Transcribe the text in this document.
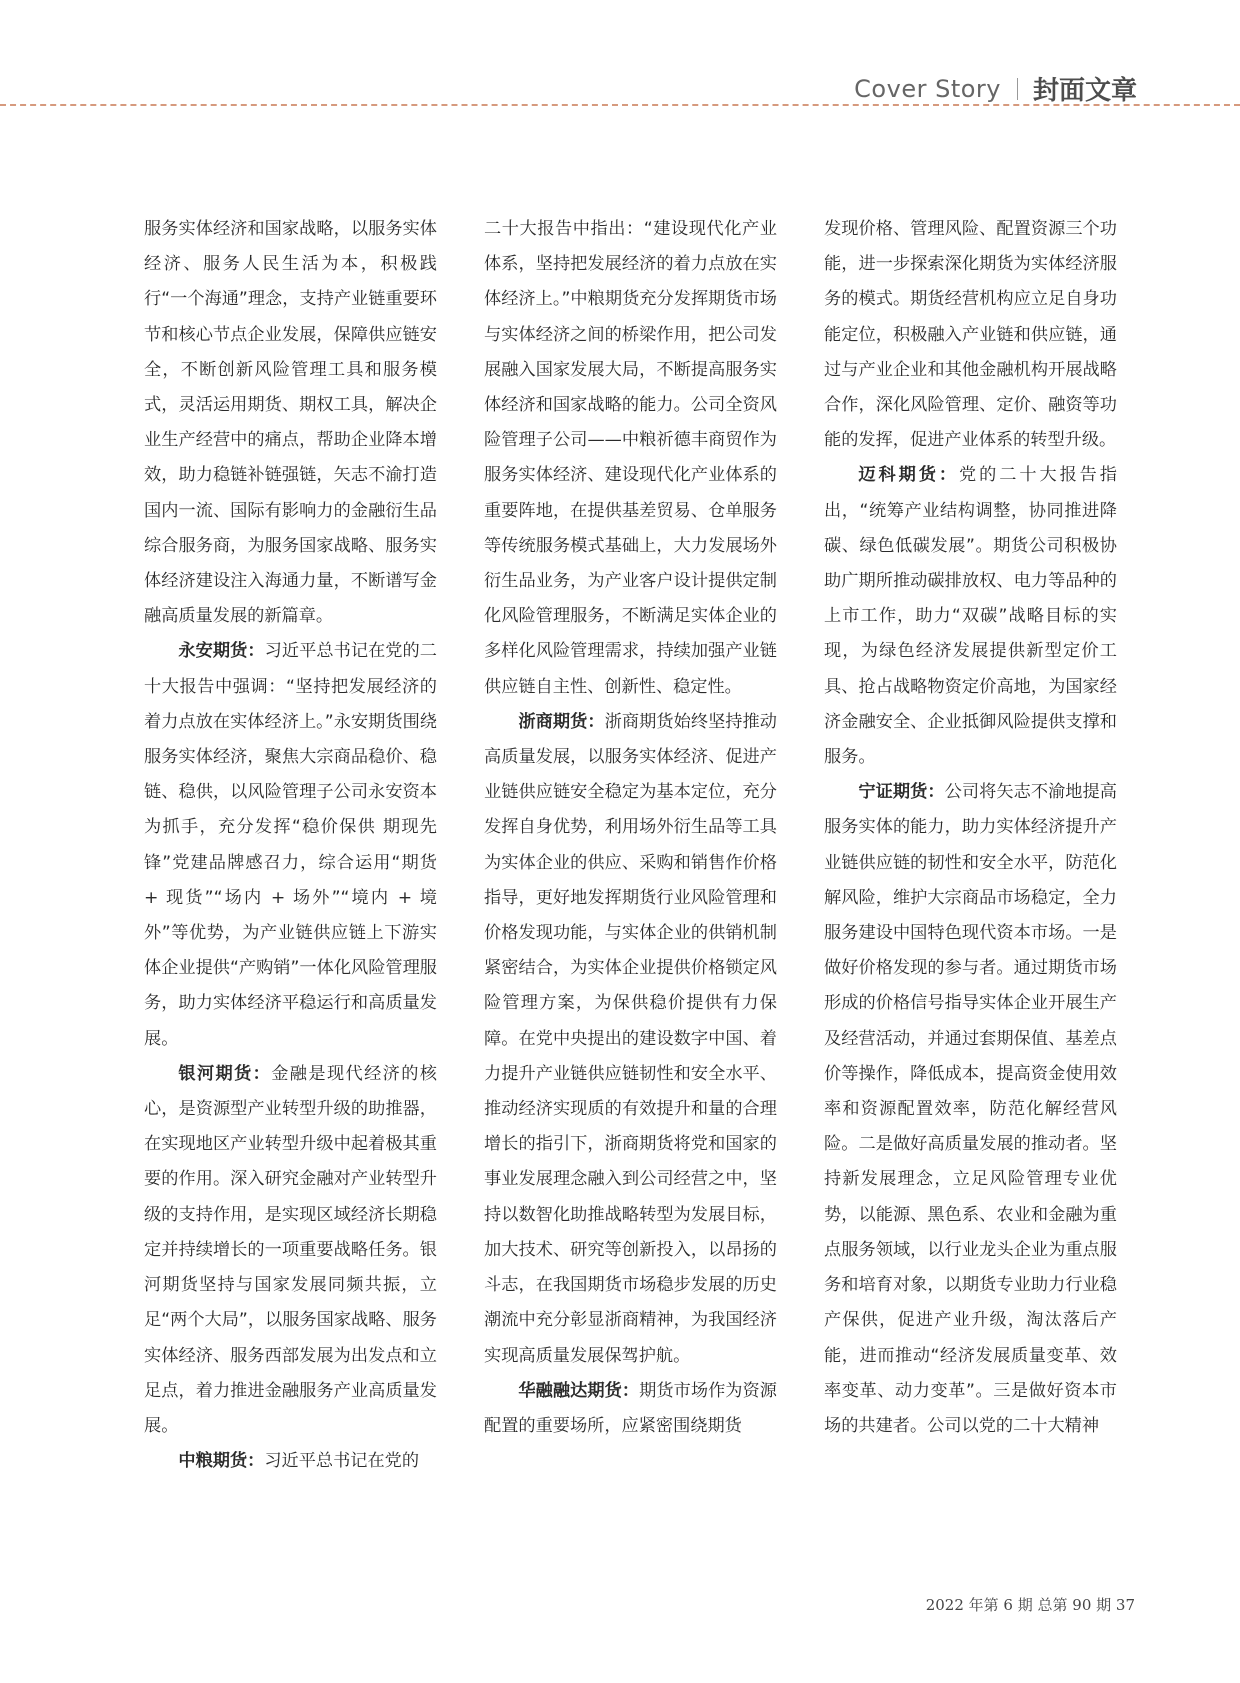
Cover Story 封面文章

服务实体经济和国家战略，以服务实体经济、服务人民生活为本，积极践行“一个海通”理念，支持产业链重要环节和核心节点企业发展，保障供应链安全，不断创新风险管理工具和服务模式，灵活运用期货、期权工具，解决企业生产经营中的痛点，帮助企业降本增效，助力稳链补链强链，矢志不渝打造国内一流、国际有影响力的金融衍生品综合服务商，为服务国家战略、服务实体经济建设注入海通力量，不断谱写金融高质量发展的新篇章。

永安期货：习近平总书记在党的二十大报告中强调：“坚持把发展经济的着力点放在实体经济上。”永安期货围绕服务实体经济，聚焦大宗商品稳价、稳链、稳供，以风险管理子公司永安资本为抓手，充分发挥“稳价保供 期现先锋”党建品牌感召力，综合运用“期货 + 现货”“场内 + 场外”“境内 + 境外”等优势，为产业链供应链上下游实体企业提供“产购销”一体化风险管理服务，助力实体经济平稳运行和高质量发展。

银河期货：金融是现代经济的核心，是资源型产业转型升级的助推器，在实现地区产业转型升级中起着极其重要的作用。深入研究金融对产业转型升级的支持作用，是实现区域经济长期稳定并持续增长的一项重要战略任务。银河期货坚持与国家发展同频共振，立足“两个大局”，以服务国家战略、服务实体经济、服务西部发展为出发点和立足点，着力推进金融服务产业高质量发展。

中粮期货：习近平总书记在党的

二十大报告中指出：“建设现代化产业体系，坚持把发展经济的着力点放在实体经济上。”中粮期货充分发挥期货市场与实体经济之间的桥梁作用，把公司发展融入国家发展大局，不断提高服务实体经济和国家战略的能力。公司全资风险管理子公司——中粮祈德丰商贸作为服务实体经济、建设现代化产业体系的重要阵地，在提供基差贸易、仓单服务等传统服务模式基础上，大力发展场外衍生品业务，为产业客户设计提供定制化风险管理服务，不断满足实体企业的多样化风险管理需求，持续加强产业链供应链自主性、创新性、稳定性。

浙商期货：浙商期货始终坚持推动高质量发展，以服务实体经济、促进产业链供应链安全稳定为基本定位，充分发挥自身优势，利用场外衍生品等工具为实体企业的供应、采购和销售作价格指导，更好地发挥期货行业风险管理和价格发现功能，与实体企业的供销机制紧密结合，为实体企业提供价格锁定风险管理方案，为保供稳价提供有力保障。在党中央提出的建设数字中国、着力提升产业链供应链韧性和安全水平、推动经济实现质的有效提升和量的合理增长的指引下，浙商期货将党和国家的事业发展理念融入到公司经营之中，坚持以数智化助推战略转型为发展目标，加大技术、研究等创新投入，以昂扬的斗志，在我国期货市场稳步发展的历史潮流中充分彰显浙商精神，为我国经济实现高质量发展保驾护航。

华融融达期货：期货市场作为资源配置的重要场所，应紧密围绕期货

发现价格、管理风险、配置资源三个功能，进一步探索深化期货为实体经济服务的模式。期货经营机构应立足自身功能定位，积极融入产业链和供应链，通过与产业企业和其他金融机构开展战略合作，深化风险管理、定价、融资等功能的发挥，促进产业体系的转型升级。

迈科期货：党的二十大报告指出，“统筹产业结构调整，协同推进降碳、绿色低碳发展”。期货公司积极协助广期所推动碳排放权、电力等品种的上市工作，助力“双碳”战略目标的实现，为绿色经济发展提供新型定价工具、抢占战略物资定价高地，为国家经济金融安全、企业抵御风险提供支撑和服务。

宁证期货：公司将矢志不渝地提高服务实体的能力，助力实体经济提升产业链供应链的韧性和安全水平，防范化解风险，维护大宗商品市场稳定，全力服务建设中国特色现代资本市场。一是做好价格发现的参与者。通过期货市场形成的价格信号指导实体企业开展生产及经营活动，并通过套期保值、基差点价等操作，降低成本，提高资金使用效率和资源配置效率，防范化解经营风险。二是做好高质量发展的推动者。坚持新发展理念，立足风险管理专业优势，以能源、黑色系、农业和金融为重点服务领域，以行业龙头企业为重点服务和培育对象，以期货专业助力行业稳产保供，促进产业升级，淘汰落后产能，进而推动“经济发展质量变革、效率变革、动力变革”。三是做好资本市场的共建者。公司以党的二十大精神

2022 年第 6 期 总第 90 期 37
